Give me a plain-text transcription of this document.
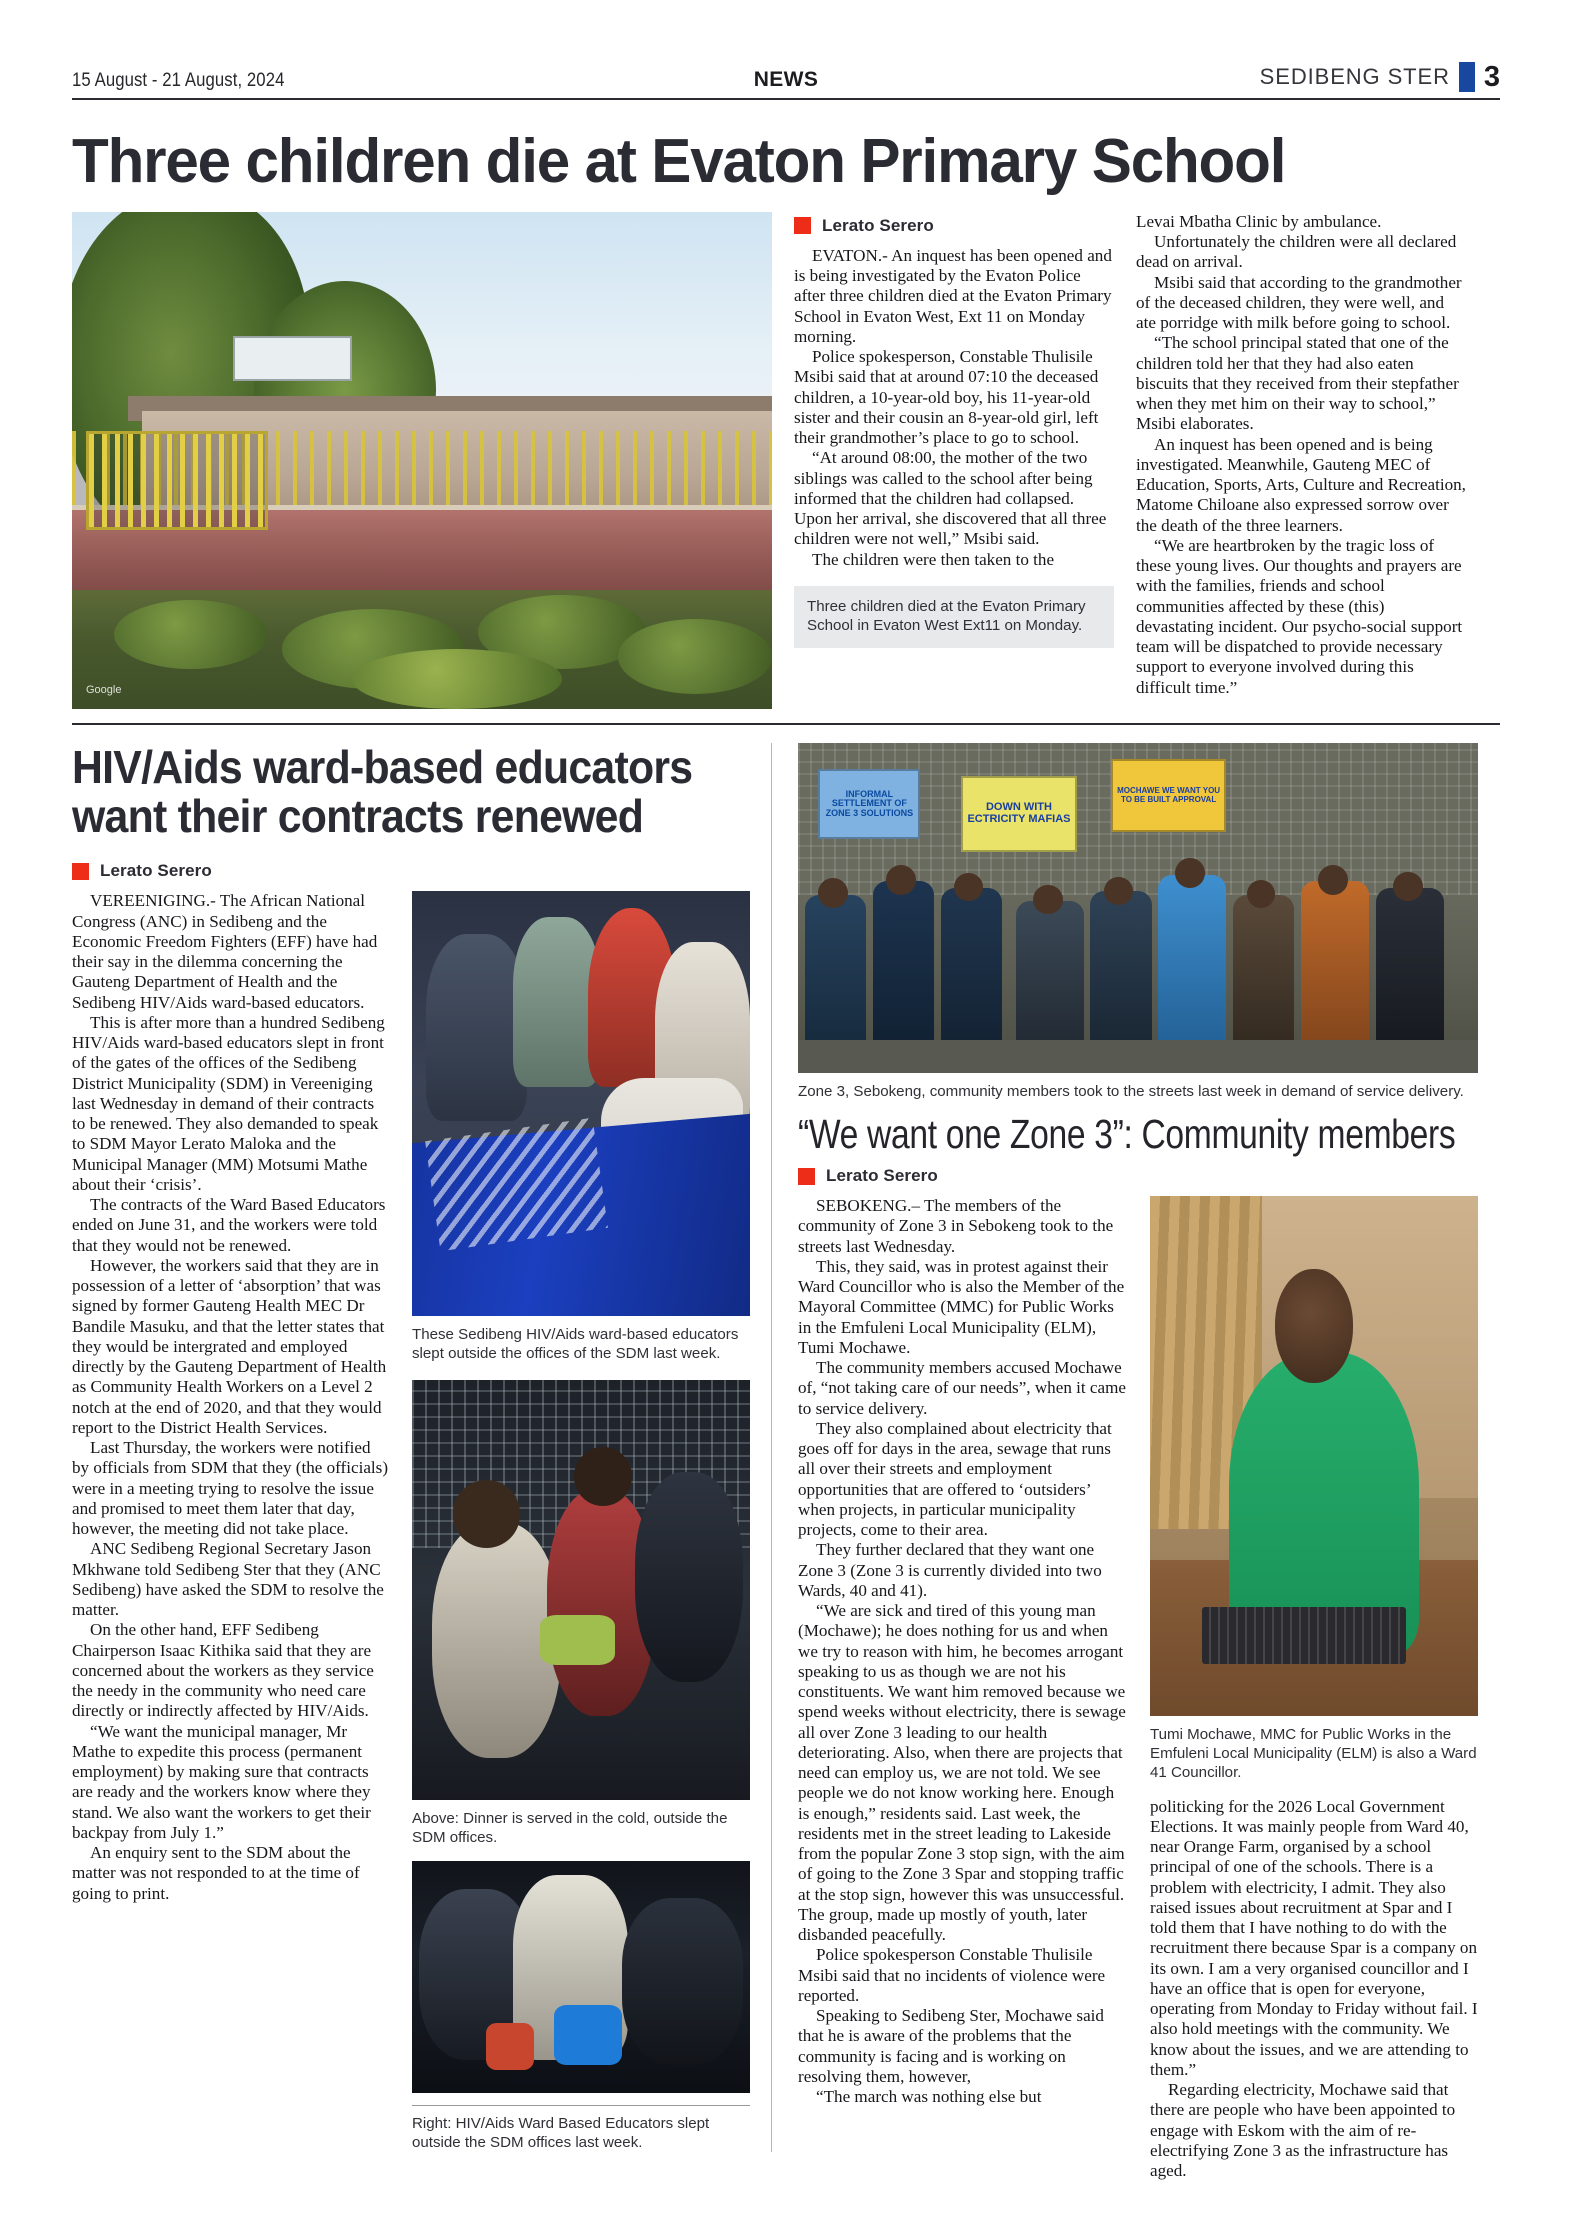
15 August - 21 August, 2024	NEWS	SEDIBENG STER 3
Three children die at Evaton Primary School
Google
Lerato Serero

EVATON.- An inquest has been opened and is being investigated by the Evaton Police after three children died at the Evaton Primary School in Evaton West, Ext 11 on Monday morning.

Police spokesperson, Constable Thulisile Msibi said that at around 07:10 the deceased children, a 10-year-old boy, his 11-year-old sister and their cousin an 8-year-old girl, left their grandmother’s place to go to school.

“At around 08:00, the mother of the two siblings was called to the school after being informed that the children had collapsed. Upon her arrival, she discovered that all three children were not well,” Msibi said.

The children were then taken to the

Three children died at the Evaton Primary School in Evaton West Ext11 on Monday.

Levai Mbatha Clinic by ambulance.

Unfortunately the children were all declared dead on arrival.

Msibi said that according to the grandmother of the deceased children, they were well, and ate porridge with milk before going to school.

“The school principal stated that one of the children told her that they had also eaten biscuits that they received from their stepfather when they met him on their way to school,” Msibi elaborates.

An inquest has been opened and is being investigated. Meanwhile, Gauteng MEC of Education, Sports, Arts, Culture and Recreation, Matome Chiloane also expressed sorrow over the death of the three learners.

“We are heartbroken by the tragic loss of these young lives. Our thoughts and prayers are with the families, friends and school communities affected by these (this) devastating incident. Our psycho-social support team will be dispatched to provide necessary support to everyone involved during this difficult time.”

HIV/Aids ward-based educators
want their contracts renewed
Lerato Serero

VEREENIGING.- The African National Congress (ANC) in Sedibeng and the Economic Freedom Fighters (EFF) have had their say in the dilemma concerning the Gauteng Department of Health and the Sedibeng HIV/Aids ward-based educators.

This is after more than a hundred Sedibeng HIV/Aids ward-based educators slept in front of the gates of the offices of the Sedibeng District Municipality (SDM) in Vereeniging last Wednesday in demand of their contracts to be renewed. They also demanded to speak to SDM Mayor Lerato Maloka and the Municipal Manager (MM) Motsumi Mathe about their ‘crisis’.

The contracts of the Ward Based Educators ended on June 31, and the workers were told that they would not be renewed.

However, the workers said that they are in possession of a letter of ‘absorption’ that was signed by former Gauteng Health MEC Dr Bandile Masuku, and that the letter states that they would be intergrated and employed directly by the Gauteng Department of Health as Community Health Workers on a Level 2 notch at the end of 2020, and that they would report to the District Health Services.

Last Thursday, the workers were notified by officials from SDM that they (the officials) were in a meeting trying to resolve the issue and promised to meet them later that day, however, the meeting did not take place.

ANC Sedibeng Regional Secretary Jason Mkhwane told Sedibeng Ster that they (ANC Sedibeng) have asked the SDM to resolve the matter.

On the other hand, EFF Sedibeng Chairperson Isaac Kithika said that they are concerned about the workers as they service the needy in the community who need care directly or indirectly affected by HIV/Aids.

“We want the municipal manager, Mr Mathe to expedite this process (permanent employment) by making sure that contracts are ready and the workers know where they stand. We also want the workers to get their backpay from July 1.”

An enquiry sent to the SDM about the matter was not responded to at the time of going to print.

These Sedibeng HIV/Aids ward-based educators slept outside the offices of the SDM last week.
Above: Dinner is served in the cold, outside the SDM offices.
Right: HIV/Aids Ward Based Educators slept outside the SDM offices last week.
INFORMAL SETTLEMENT OF ZONE 3 SOLUTIONS	DOWN WITH ECTRICITY MAFIAS
MOCHAWE WE WANT YOU TO BE BUILT APPROVAL
Zone 3, Sebokeng, community members took to the streets last week in demand of service delivery.
“We want one Zone 3”: Community members
Lerato Serero

SEBOKENG.– The members of the community of Zone 3 in Sebokeng took to the streets last Wednesday.

This, they said, was in protest against their Ward Councillor who is also the Member of the Mayoral Committee (MMC) for Public Works in the Emfuleni Local Municipality (ELM), Tumi Mochawe.

The community members accused Mochawe of, “not taking care of our needs”, when it came to service delivery.

They also complained about electricity that goes off for days in the area, sewage that runs all over their streets and employment opportunities that are offered to ‘outsiders’ when projects, in particular municipality projects, come to their area.

They further declared that they want one Zone 3 (Zone 3 is currently divided into two Wards, 40 and 41).

“We are sick and tired of this young man (Mochawe); he does nothing for us and when we try to reason with him, he becomes arrogant speaking to us as though we are not his constituents. We want him removed because we spend weeks without electricity, there is sewage all over Zone 3 leading to our health deteriorating. Also, when there are projects that need can employ us, we are not told. We see people we do not know working here. Enough is enough,” residents said. Last week, the residents met in the street leading to Lakeside from the popular Zone 3 stop sign, with the aim of going to the Zone 3 Spar and stopping traffic at the stop sign, however this was unsuccessful. The group, made up mostly of youth, later disbanded peacefully.

Police spokesperson Constable Thulisile Msibi said that no incidents of violence were reported.

Speaking to Sedibeng Ster, Mochawe said that he is aware of the problems that the community is facing and is working on resolving them, however,

“The march was nothing else but

Tumi Mochawe, MMC for Public Works in the Emfuleni Local Municipality (ELM) is also a Ward 41 Councillor.

politicking for the 2026 Local Government Elections. It was mainly people from Ward 40, near Orange Farm, organised by a school principal of one of the schools. There is a problem with electricity, I admit. They also raised issues about recruitment at Spar and I told them that I have nothing to do with the recruitment there because Spar is a company on its own. I am a very organised councillor and I have an office that is open for everyone, operating from Monday to Friday without fail. I also hold meetings with the community. We know about the issues, and we are attending to them.”

Regarding electricity, Mochawe said that there are people who have been appointed to engage with Eskom with the aim of re-electrifying Zone 3 as the infrastructure has aged.
